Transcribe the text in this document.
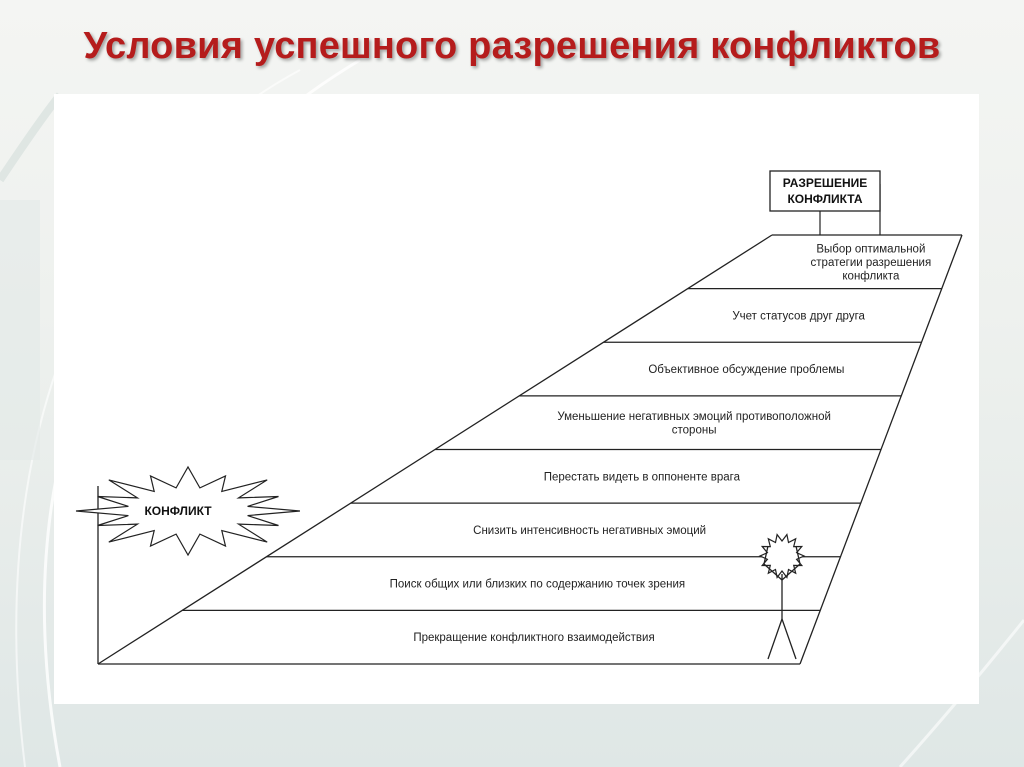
Условия успешного разрешения конфликтов
Прекращение конфликтного взаимодействия
Поиск общих или близких по содержанию точек зрения
Снизить интенсивность негативных эмоций
Перестать видеть в оппоненте врага
Уменьшение негативных эмоций противоположной
стороны
Объективное обсуждение проблемы
Учет статусов друг друга
Выбор оптимальной
стратегии разрешения
конфликта
РАЗРЕШЕНИЕ
КОНФЛИКТА
КОНФЛИКТ
